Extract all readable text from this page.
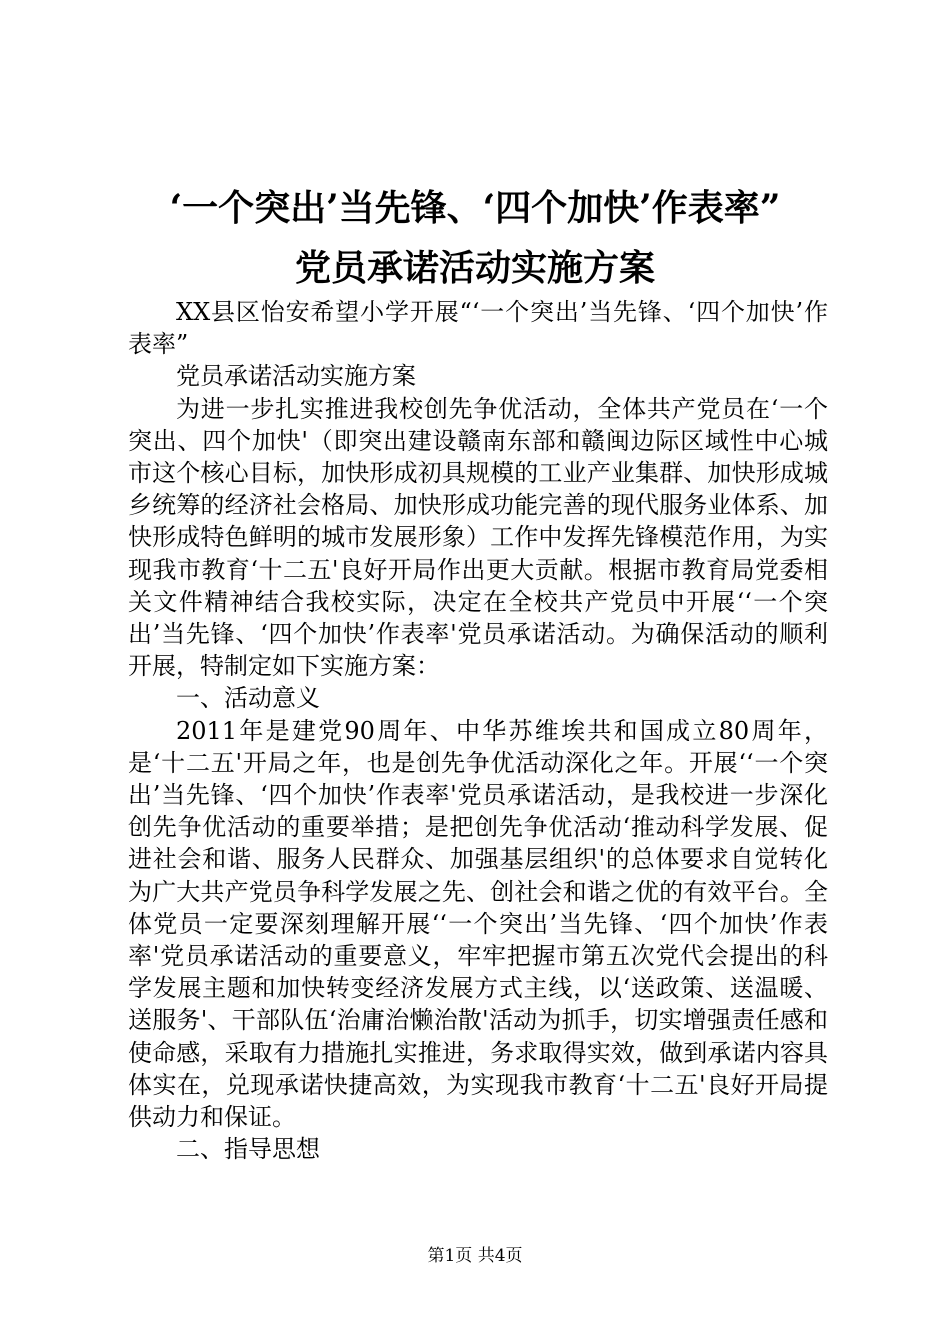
‘一个突出’当先锋、‘四个加快’作表率”
党员承诺活动实施方案

XX县区怡安希望小学开展“‘一个突出’当先锋、‘四个加快’作表率”

党员承诺活动实施方案

为进一步扎实推进我校创先争优活动，全体共产党员在‘一个突出、四个加快'（即突出建设赣南东部和赣闽边际区域性中心城市这个核心目标，加快形成初具规模的工业产业集群、加快形成城乡统筹的经济社会格局、加快形成功能完善的现代服务业体系、加快形成特色鲜明的城市发展形象）工作中发挥先锋模范作用，为实现我市教育‘十二五'良好开局作出更大贡献。根据市教育局党委相关文件精神结合我校实际，决定在全校共产党员中开展‘‘一个突出’当先锋、‘四个加快’作表率'党员承诺活动。为确保活动的顺利开展，特制定如下实施方案：

一、活动意义

2011年是建党90周年、中华苏维埃共和国成立80周年，是‘十二五'开局之年，也是创先争优活动深化之年。开展‘‘一个突出’当先锋、‘四个加快’作表率'党员承诺活动，是我校进一步深化创先争优活动的重要举措；是把创先争优活动‘推动科学发展、促进社会和谐、服务人民群众、加强基层组织'的总体要求自觉转化为广大共产党员争科学发展之先、创社会和谐之优的有效平台。全体党员一定要深刻理解开展‘‘一个突出’当先锋、‘四个加快’作表率'党员承诺活动的重要意义，牢牢把握市第五次党代会提出的科学发展主题和加快转变经济发展方式主线，以‘送政策、送温暖、送服务'、干部队伍‘治庸治懒治散'活动为抓手，切实增强责任感和使命感，采取有力措施扎实推进，务求取得实效，做到承诺内容具体实在，兑现承诺快捷高效，为实现我市教育‘十二五'良好开局提供动力和保证。

二、指导思想

第1页 共4页
